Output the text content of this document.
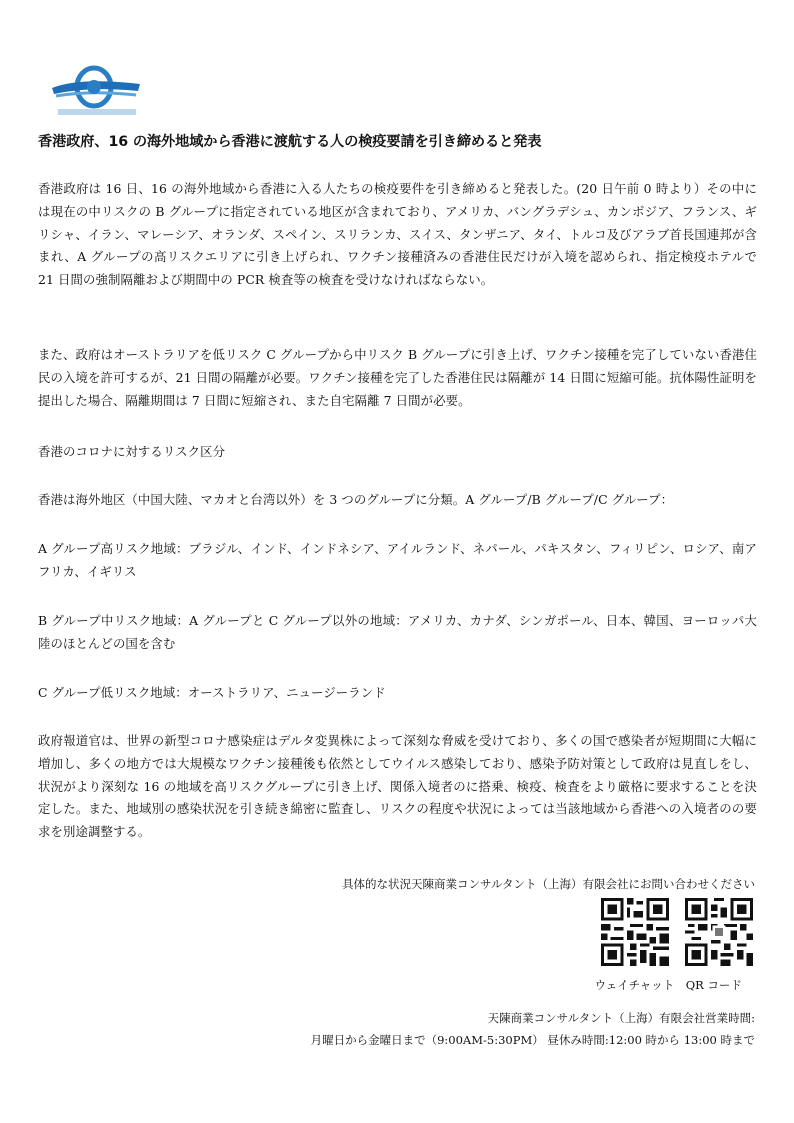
香港政府、16 の海外地域から香港に渡航する人の検疫要請を引き締めると発表
香港政府は 16 日、16 の海外地域から香港に入る人たちの検疫要件を引き締めると発表した。(20 日午前 0 時より）その中には現在の中リスクの B グループに指定されている地区が含まれており、アメリカ、バングラデシュ、カンボジア、フランス、ギリシャ、イラン、マレーシア、オランダ、スペイン、スリランカ、スイス、タンザニア、タイ、トルコ及びアラブ首長国連邦が含まれ、A グループの高リスクエリアに引き上げられ、ワクチン接種済みの香港住民だけが入境を認められ、指定検疫ホテルで 21 日間の強制隔離および期間中の PCR 検査等の検査を受けなければならない。
また、政府はオーストラリアを低リスク C グループから中リスク B グループに引き上げ、ワクチン接種を完了していない香港住民の入境を許可するが、21 日間の隔離が必要。ワクチン接種を完了した香港住民は隔離が 14 日間に短縮可能。抗体陽性証明を提出した場合、隔離期間は 7 日間に短縮され、また自宅隔離 7 日間が必要。
香港のコロナに対するリスク区分
香港は海外地区（中国大陸、マカオと台湾以外）を 3 つのグループに分類。A グループ/B グループ/C グループ：
A グループ高リスク地域：ブラジル、インド、インドネシア、アイルランド、ネパール、パキスタン、フィリピン、ロシア、南アフリカ、イギリス
B グループ中リスク地域：A グループと C グループ以外の地域：アメリカ、カナダ、シンガポール、日本、韓国、ヨーロッパ大陸のほとんどの国を含む
C グループ低リスク地域：オーストラリア、ニュージーランド
政府報道官は、世界の新型コロナ感染症はデルタ変異株によって深刻な脅威を受けており、多くの国で感染者が短期間に大幅に増加し、多くの地方では大規模なワクチン接種後も依然としてウイルス感染しており、感染予防対策として政府は見直しをし、状況がより深刻な 16 の地域を高リスクグループに引き上げ、関係入境者のに搭乗、検疫、検査をより厳格に要求することを決定した。また、地域別の感染状況を引き続き綿密に監査し、リスクの程度や状況によっては当該地域から香港への入境者のの要求を別途調整する。
具体的な状況天陳商業コンサルタント（上海）有限会社にお問い合わせください
ウェイチャット　QR コード
天陳商業コンサルタント（上海）有限会社営業時間:
月曜日から金曜日まで（9:00AM-5:30PM） 昼休み時間:12:00 時から 13:00 時まで
